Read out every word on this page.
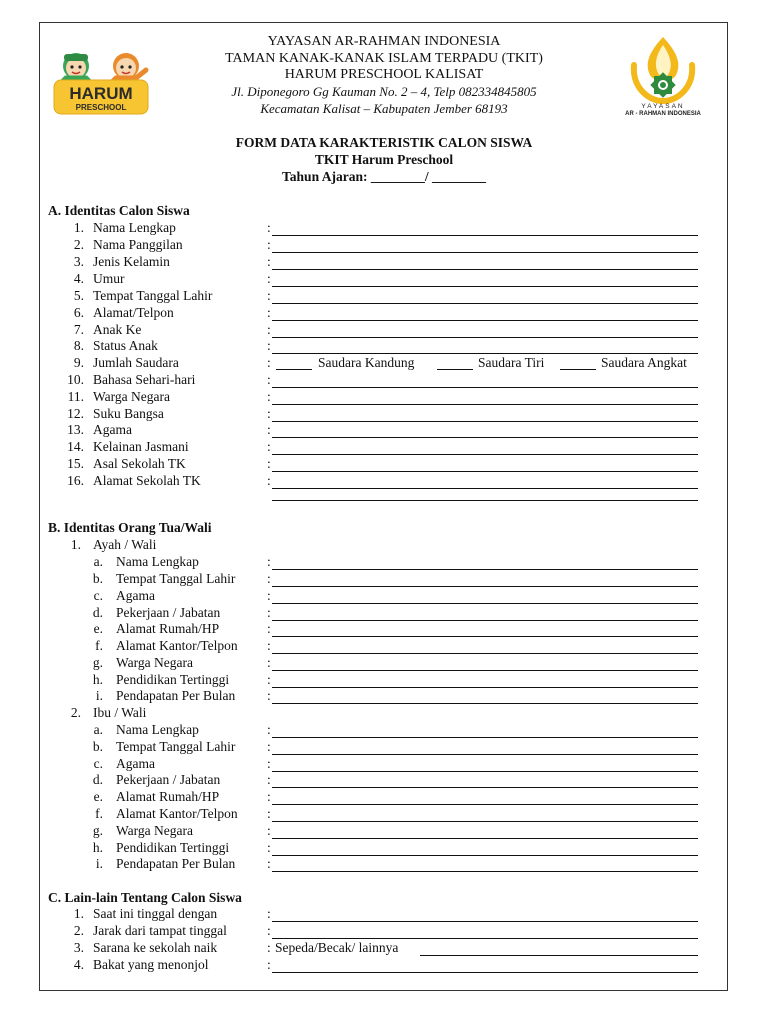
HARUM
PRESCHOOL	YAYASAN
AR - RAHMAN INDONESIA
YAYASAN AR-RAHMAN INDONESIA
TAMAN KANAK-KANAK ISLAM TERPADU (TKIT)
HARUM PRESCHOOL KALISAT
Jl. Diponegoro Gg Kauman No. 2 – 4, Telp 082334845805
Kecamatan Kalisat – Kabupaten Jember 68193
FORM DATA KARAKTERISTIK CALON SISWA
TKIT Harum Preschool
Tahun Ajaran: ________/ ________
A. Identitas Calon Siswa
B. Identitas Orang Tua/Wali
C. Lain-lain Tentang Calon Siswa
1. Ayah / Wali
2. Ibu / Wali
1. Nama Lengkap	:
2. Nama Panggilan	:
3. Jenis Kelamin	:
4. Umur	:
5. Tempat Tanggal Lahir	:
6. Alamat/Telpon	:
7. Anak Ke	:
8. Status Anak	:
9. Jumlah Saudara	:	Saudara Kandung	Saudara Tiri	Saudara Angkat
10. Bahasa Sehari-hari	:
11. Warga Negara	:
12. Suku Bangsa	:
13. Agama	:
14. Kelainan Jasmani	:
15. Asal Sekolah TK	:
16. Alamat Sekolah TK	:
a. Nama Lengkap	:
b. Tempat Tanggal Lahir :
c. Agama	:
d. Pekerjaan / Jabatan	:
e. Alamat Rumah/HP	:
f. Alamat Kantor/Telpon :
g. Warga Negara	:
h. Pendidikan Tertinggi	:
i. Pendapatan Per Bulan :
a. Nama Lengkap	:
b. Tempat Tanggal Lahir :
c. Agama	:
d. Pekerjaan / Jabatan	:
e. Alamat Rumah/HP	:
f. Alamat Kantor/Telpon :
g. Warga Negara	:
h. Pendidikan Tertinggi	:
i. Pendapatan Per Bulan :
1. Saat ini tinggal dengan	:
2. Jarak dari tampat tinggal	:
3. Sarana ke sekolah naik	: Sepeda/Becak/ lainnya
4. Bakat yang menonjol	:
